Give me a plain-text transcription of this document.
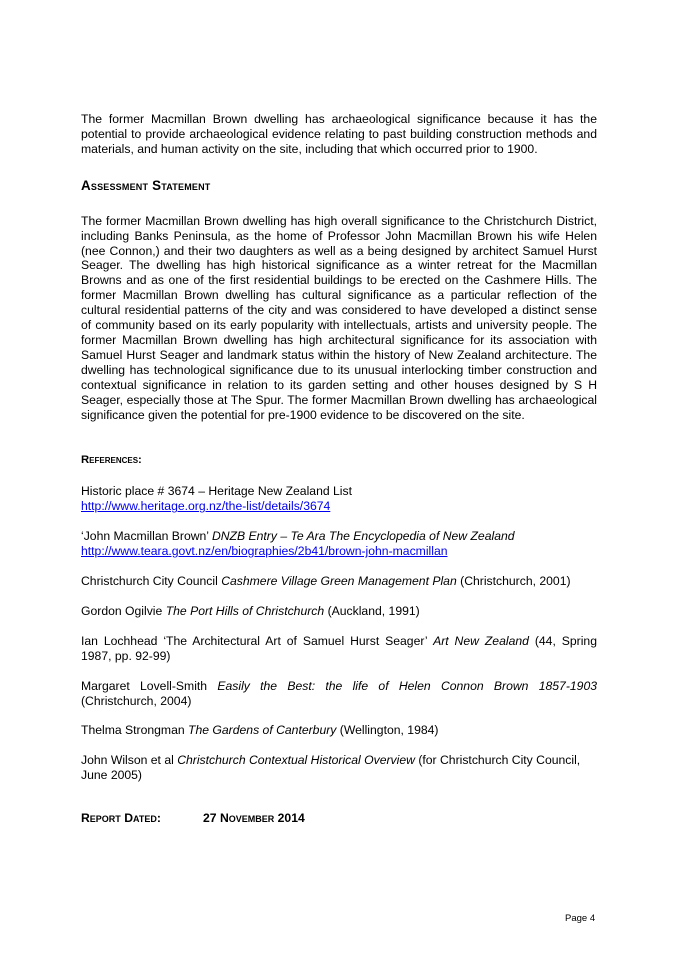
The former Macmillan Brown dwelling has archaeological significance because it has the potential to provide archaeological evidence relating to past building construction methods and materials, and human activity on the site, including that which occurred prior to 1900.

Assessment Statement

The former Macmillan Brown dwelling has high overall significance to the Christchurch District, including Banks Peninsula, as the home of Professor John Macmillan Brown his wife Helen (nee Connon,) and their two daughters as well as a being designed by architect Samuel Hurst Seager. The dwelling has high historical significance as a winter retreat for the Macmillan Browns and as one of the first residential buildings to be erected on the Cashmere Hills. The former Macmillan Brown dwelling has cultural significance as a particular reflection of the cultural residential patterns of the city and was considered to have developed a distinct sense of community based on its early popularity with intellectuals, artists and university people. The former Macmillan Brown dwelling has high architectural significance for its association with Samuel Hurst Seager and landmark status within the history of New Zealand architecture. The dwelling has technological significance due to its unusual interlocking timber construction and contextual significance in relation to its garden setting and other houses designed by S H Seager, especially those at The Spur. The former Macmillan Brown dwelling has archaeological significance given the potential for pre-1900 evidence to be discovered on the site.

References:

Historic place # 3674 – Heritage New Zealand List
http://www.heritage.org.nz/the-list/details/3674

‘John Macmillan Brown’ DNZB Entry – Te Ara The Encyclopedia of New Zealand
http://www.teara.govt.nz/en/biographies/2b41/brown-john-macmillan

Christchurch City Council Cashmere Village Green Management Plan (Christchurch, 2001)

Gordon Ogilvie The Port Hills of Christchurch (Auckland, 1991)

Ian Lochhead ‘The Architectural Art of Samuel Hurst Seager’ Art New Zealand (44, Spring 1987, pp. 92-99)

Margaret Lovell-Smith Easily the Best: the life of Helen Connon Brown 1857-1903 (Christchurch, 2004)

Thelma Strongman The Gardens of Canterbury (Wellington, 1984)

John Wilson et al Christchurch Contextual Historical Overview (for Christchurch City Council, June 2005)

Report Dated:	27 November 2014
Page 4
